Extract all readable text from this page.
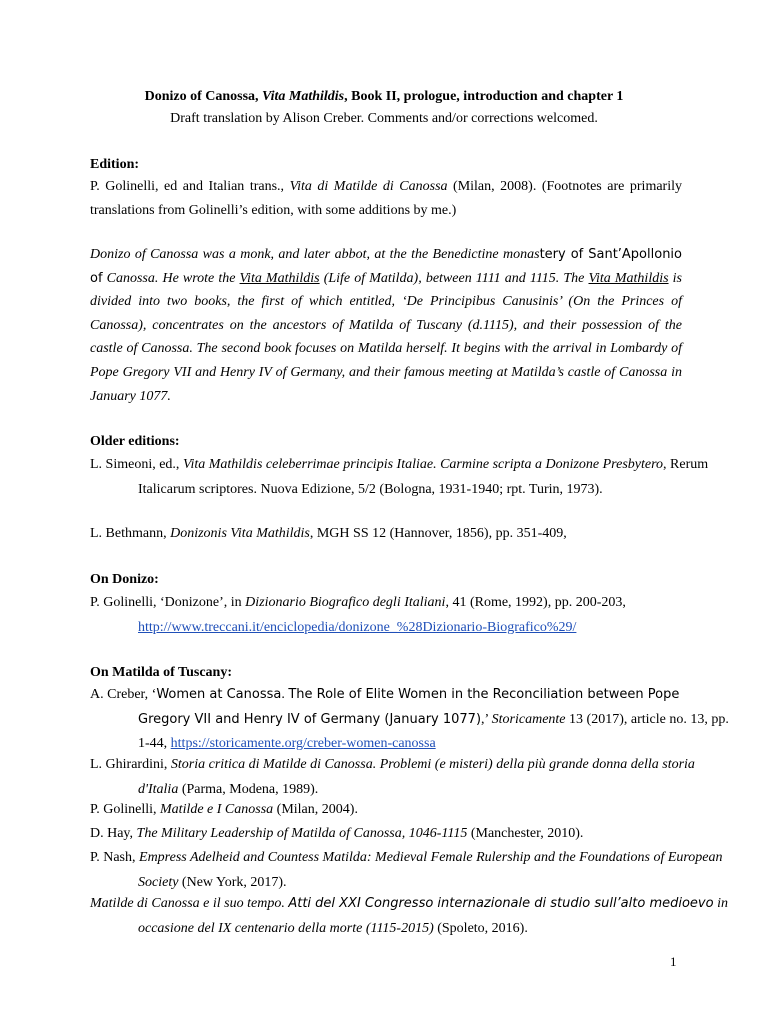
Donizo of Canossa, Vita Mathildis, Book II, prologue, introduction and chapter 1
Draft translation by Alison Creber. Comments and/or corrections welcomed.
Edition:
P. Golinelli, ed and Italian trans., Vita di Matilde di Canossa (Milan, 2008). (Footnotes are primarily translations from Golinelli’s edition, with some additions by me.)
Donizo of Canossa was a monk, and later abbot, at the the Benedictine monastery of Sant’Apollonio of Canossa. He wrote the Vita Mathildis (Life of Matilda), between 1111 and 1115. The Vita Mathildis is divided into two books, the first of which entitled, ‘De Principibus Canusinis’ (On the Princes of Canossa), concentrates on the ancestors of Matilda of Tuscany (d.1115), and their possession of the castle of Canossa. The second book focuses on Matilda herself. It begins with the arrival in Lombardy of Pope Gregory VII and Henry IV of Germany, and their famous meeting at Matilda’s castle of Canossa in January 1077.
Older editions:
L. Simeoni, ed., Vita Mathildis celeberrimae principis Italiae. Carmine scripta a Donizone Presbytero, Rerum Italicarum scriptores. Nuova Edizione, 5/2 (Bologna, 1931-1940; rpt. Turin, 1973).
L. Bethmann, Donizonis Vita Mathildis, MGH SS 12 (Hannover, 1856), pp. 351-409,
On Donizo:
P. Golinelli, ‘Donizone’, in Dizionario Biografico degli Italiani, 41 (Rome, 1992), pp. 200-203, http://www.treccani.it/enciclopedia/donizone_%28Dizionario-Biografico%29/
On Matilda of Tuscany:
A. Creber, ‘Women at Canossa. The Role of Elite Women in the Reconciliation between Pope Gregory VII and Henry IV of Germany (January 1077),’ Storicamente 13 (2017), article no. 13, pp. 1-44, https://storicamente.org/creber-women-canossa
L. Ghirardini, Storia critica di Matilde di Canossa. Problemi (e misteri) della più grande donna della storia d'Italia (Parma, Modena, 1989).
P. Golinelli, Matilde e I Canossa (Milan, 2004).
D. Hay, The Military Leadership of Matilda of Canossa, 1046-1115 (Manchester, 2010).
P. Nash, Empress Adelheid and Countess Matilda: Medieval Female Rulership and the Foundations of European Society (New York, 2017).
Matilde di Canossa e il suo tempo. Atti del XXI Congresso internazionale di studio sull’alto medioevo in occasione del IX centenario della morte (1115-2015) (Spoleto, 2016).
1
